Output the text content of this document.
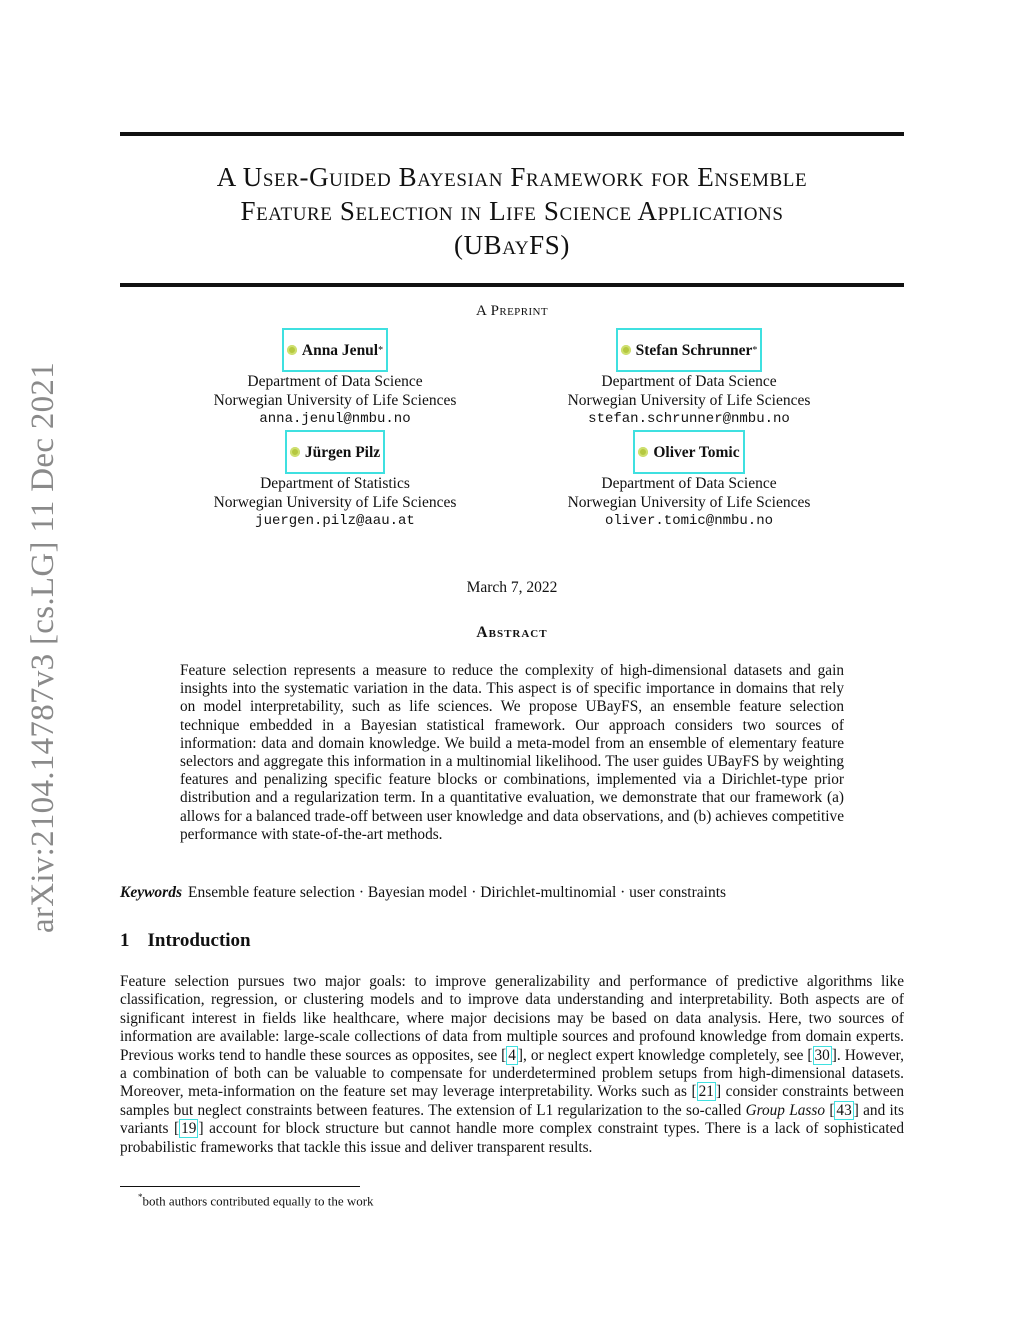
arXiv:2104.14787v3 [cs.LG] 11 Dec 2021
A User-Guided Bayesian Framework for Ensemble
Feature Selection in Life Science Applications
(UBayFS)
A Preprint
Anna Jenul *
Department of Data Science
Norwegian University of Life Sciences
anna.jenul@nmbu.no
Stefan Schrunner *
Department of Data Science
Norwegian University of Life Sciences
stefan.schrunner@nmbu.no
Jürgen Pilz
Department of Statistics
Norwegian University of Life Sciences
juergen.pilz@aau.at
Oliver Tomic
Department of Data Science
Norwegian University of Life Sciences
oliver.tomic@nmbu.no
March 7, 2022
Abstract
Feature selection represents a measure to reduce the complexity of high-dimensional datasets and gain insights into the systematic variation in the data. This aspect is of specific importance in domains that rely on model interpretability, such as life sciences. We propose UBayFS, an ensemble feature selection technique embedded in a Bayesian statistical framework. Our approach considers two sources of information: data and domain knowledge. We build a meta-model from an ensemble of elementary feature selectors and aggregate this information in a multinomial likelihood. The user guides UBayFS by weighting features and penalizing specific feature blocks or combinations, implemented via a Dirichlet-type prior distribution and a regularization term. In a quantitative evaluation, we demonstrate that our framework (a) allows for a balanced trade-off between user knowledge and data observations, and (b) achieves competitive performance with state-of-the-art methods.
Keywords Ensemble feature selection · Bayesian model · Dirichlet-multinomial · user constraints
1 Introduction
Feature selection pursues two major goals: to improve generalizability and performance of predictive algorithms like classification, regression, or clustering models and to improve data understanding and interpretability. Both aspects are of significant interest in fields like healthcare, where major decisions may be based on data analysis. Here, two sources of information are available: large-scale collections of data from multiple sources and profound knowledge from domain experts. Previous works tend to handle these sources as opposites, see [ 4 ], or neglect expert knowledge completely, see [ 30 ]. However, a combination of both can be valuable to compensate for underdetermined problem setups from high-dimensional datasets. Moreover, meta-information on the feature set may leverage interpretability. Works such as [ 21 ] consider constraints between samples but neglect constraints between features. The extension of L1 regularization to the so-called Group Lasso [ 43 ] and its variants [ 19 ] account for block structure but cannot handle more complex constraint types. There is a lack of sophisticated probabilistic frameworks that tackle this issue and deliver transparent results.
*both authors contributed equally to the work
